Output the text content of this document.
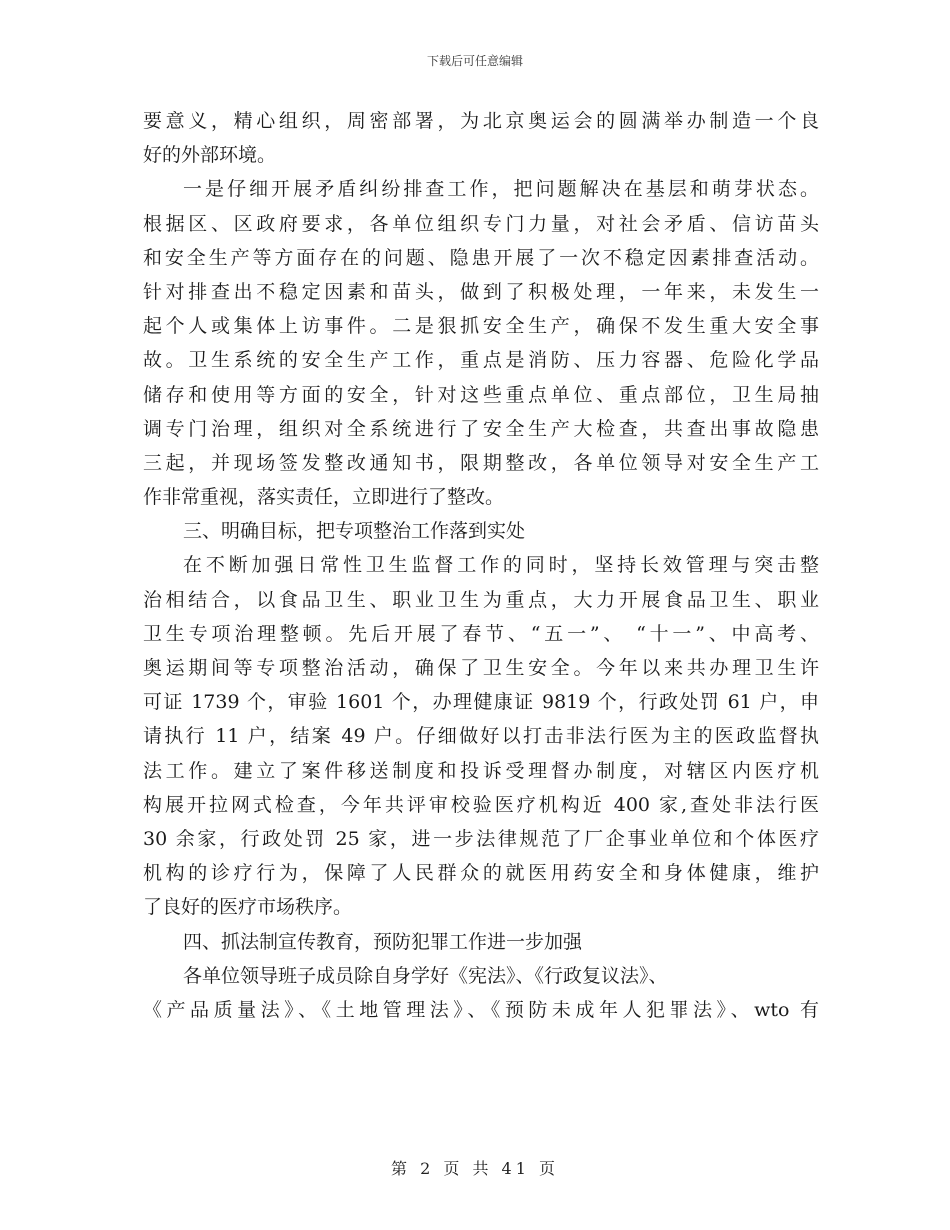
下载后可任意编辑
要意义，精心组织，周密部署，为北京奥运会的圆满举办制造一个良
好的外部环境。
一是仔细开展矛盾纠纷排查工作，把问题解决在基层和萌芽状态。
根据区、区政府要求，各单位组织专门力量，对社会矛盾、信访苗头
和安全生产等方面存在的问题、隐患开展了一次不稳定因素排查活动。
针对排查出不稳定因素和苗头，做到了积极处理，一年来，未发生一
起个人或集体上访事件。二是狠抓安全生产，确保不发生重大安全事
故。卫生系统的安全生产工作，重点是消防、压力容器、危险化学品
储存和使用等方面的安全，针对这些重点单位、重点部位，卫生局抽
调专门治理，组织对全系统进行了安全生产大检查，共查出事故隐患
三起，并现场签发整改通知书，限期整改，各单位领导对安全生产工
作非常重视，落实责任，立即进行了整改。
三、明确目标，把专项整治工作落到实处
在不断加强日常性卫生监督工作的同时，坚持长效管理与突击整
治相结合，以食品卫生、职业卫生为重点，大力开展食品卫生、职业
卫生专项治理整顿。先后开展了春节、“五一”、 “十一”、中高考、
奥运期间等专项整治活动，确保了卫生安全。今年以来共办理卫生许
可证 1739 个，审验 1601 个，办理健康证 9819 个，行政处罚 61 户，申
请执行 11 户，结案 49 户。仔细做好以打击非法行医为主的医政监督执
法工作。建立了案件移送制度和投诉受理督办制度，对辖区内医疗机
构展开拉网式检查，今年共评审校验医疗机构近 400 家,查处非法行医
30 余家，行政处罚 25 家，进一步法律规范了厂企事业单位和个体医疗
机构的诊疗行为，保障了人民群众的就医用药安全和身体健康，维护
了良好的医疗市场秩序。
四、抓法制宣传教育，预防犯罪工作进一步加强
各单位领导班子成员除自身学好《宪法》、《行政复议法》、
《产品质量法》、《土地管理法》、《预防未成年人犯罪法》、wto 有
第 2 页 共 41 页
